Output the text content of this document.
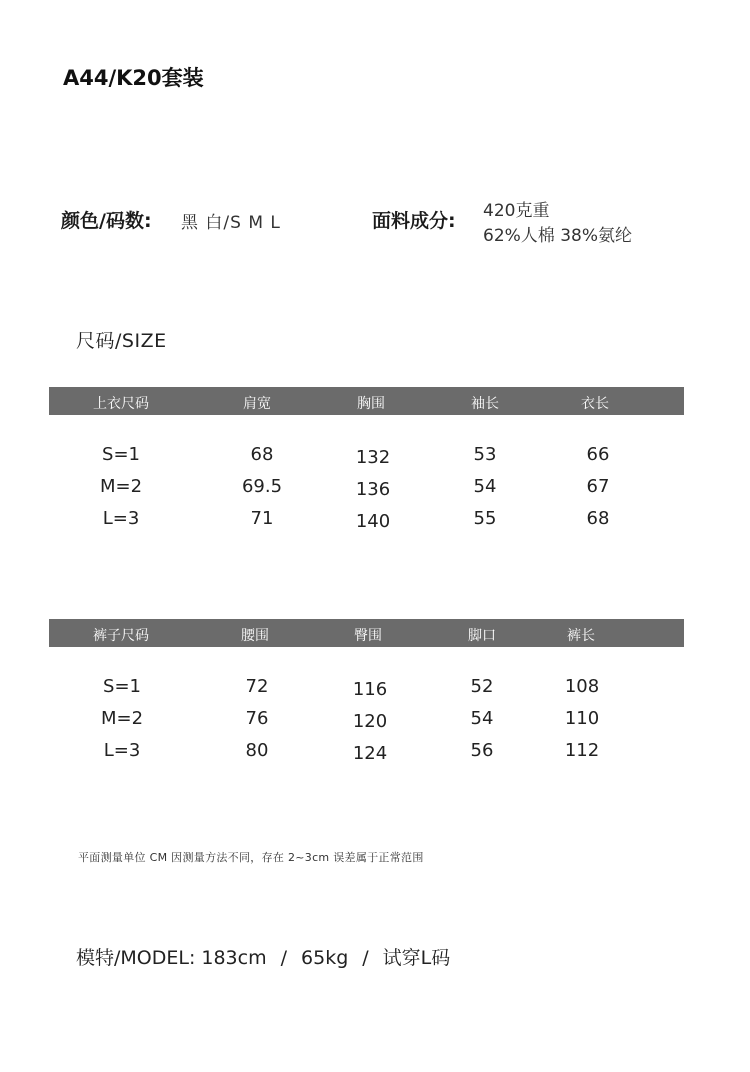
A44/K20套装
颜色/码数: 黑 白/S M L	面料成分: 420克重
62%人棉 38%氨纶
尺码/SIZE
上衣尺码	肩宽	胸围	袖长	衣长
S=1	68	132	53	66
M=2	69.5	136	54	67
L=3	71	140	55	68
裤子尺码	腰围	臀围	脚口	裤长
S=1	72	116	52	108
M=2	76	120	54	110
L=3	80	124	56	112
平面测量单位 CM 因测量方法不同，存在 2~3cm 误差属于正常范围
模特/MODEL: 183cm / 65kg / 试穿L码
